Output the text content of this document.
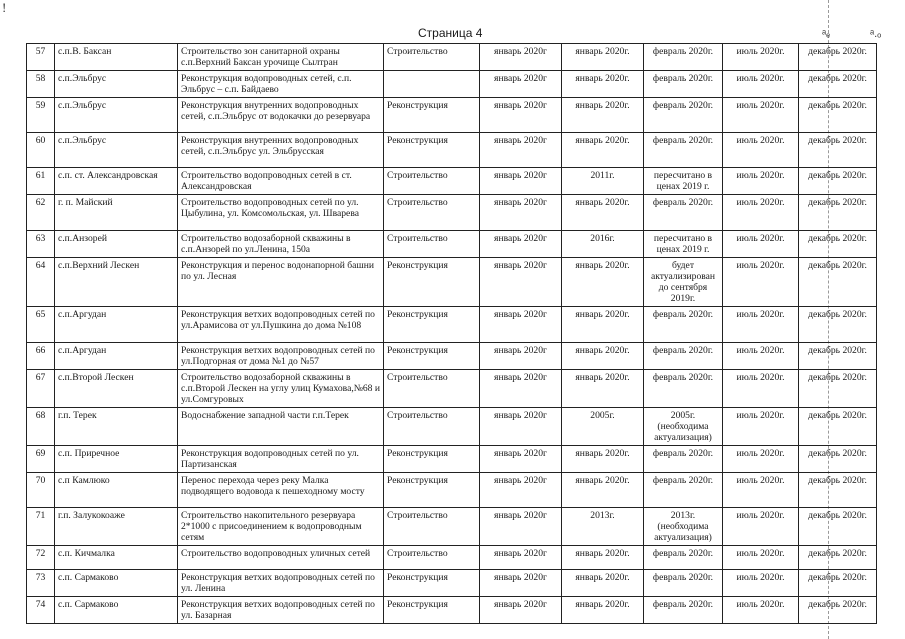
!
Страница 4	ᵃₑ	ᵃ.ₒ
57	с.п.В. Баксан	Строительство зон санитарной охраны с.п.Верхний Баксан урочище Сылтран	Строительство	январь 2020г	январь 2020г.	февраль 2020г.	июль 2020г.	декабрь 2020г.
58	с.п.Эльбрус	Реконструкция водопроводных сетей, с.п. Эльбрус – с.п. Байдаево		январь 2020г	январь 2020г.	февраль 2020г.	июль 2020г.	декабрь 2020г.
59	с.п.Эльбрус	Реконструкция внутренних водопроводных сетей, с.п.Эльбрус от водокачки до резервуара	Реконструкция	январь 2020г	январь 2020г.	февраль 2020г.	июль 2020г.	декабрь 2020г.
60	с.п.Эльбрус	Реконструкция внутренних водопроводных сетей, с.п.Эльбрус ул. Эльбрусская	Реконструкция	январь 2020г	январь 2020г.	февраль 2020г.	июль 2020г.	декабрь 2020г.
61	с.п. ст. Александровская	Строительство водопроводных сетей в ст. Александровская	Строительство	январь 2020г	2011г.	пересчитано в ценах 2019 г.	июль 2020г.	декабрь 2020г.
62	г. п. Майский	Строительство водопроводных сетей по ул. Цыбулина, ул. Комсомольская, ул. Шварева	Строительство	январь 2020г	январь 2020г.	февраль 2020г.	июль 2020г.	декабрь 2020г.
63	с.п.Анзорей	Строительство водозаборной скважины в с.п.Анзорей по ул.Ленина, 150а	Строительство	январь 2020г	2016г.	пересчитано в ценах 2019 г.	июль 2020г.	декабрь 2020г.
64	с.п.Верхний Лескен	Реконструкция и перенос водонапорной башни по ул. Лесная	Реконструкция	январь 2020г	январь 2020г.	будет актуализирован до сентября 2019г.	июль 2020г.	декабрь 2020г.
65	с.п.Аргудан	Реконструкция ветхих водопроводных сетей по ул.Арамисова от ул.Пушкина до дома №108	Реконструкция	январь 2020г	январь 2020г.	февраль 2020г.	июль 2020г.	декабрь 2020г.
66	с.п.Аргудан	Реконструкция ветхих водопроводных сетей по ул.Подгорная от дома №1 до №57	Реконструкция	январь 2020г	январь 2020г.	февраль 2020г.	июль 2020г.	декабрь 2020г.
67	с.п.Второй Лескен	Строительство водозаборной скважины в с.п.Второй Лескен на углу улиц Кумахова,№68 и ул.Сомгуровых	Строительство	январь 2020г	январь 2020г.	февраль 2020г.	июль 2020г.	декабрь 2020г.
68	г.п. Терек	Водоснабжение западной части г.п.Терек	Строительство	январь 2020г	2005г.	2005г.(необходима актуализация)	июль 2020г.	декабрь 2020г.
69	с.п. Приречное	Реконструкция водопроводных сетей по ул. Партизанская	Реконструкция	январь 2020г	январь 2020г.	февраль 2020г.	июль 2020г.	декабрь 2020г.
70	с.п Камлюко	Перенос перехода через реку Малка подводящего водовода к пешеходному мосту	Реконструкция	январь 2020г	январь 2020г.	февраль 2020г.	июль 2020г.	декабрь 2020г.
71	г.п. Залукокоаже	Строительство накопительного резервуара 2*1000 с присоединением к водопроводным сетям	Строительство	январь 2020г	2013г.	2013г.(необходима актуализация)	июль 2020г.	декабрь 2020г.
72	с.п. Кичмалка	Строительство водопроводных уличных сетей	Строительство	январь 2020г	январь 2020г.	февраль 2020г.	июль 2020г.	декабрь 2020г.
73	с.п. Сармаково	Реконструкция ветхих водопроводных сетей по ул. Ленина	Реконструкция	январь 2020г	январь 2020г.	февраль 2020г.	июль 2020г.	декабрь 2020г.
74	с.п. Сармаково	Реконструкция ветхих водопроводных сетей по ул. Базарная	Реконструкция	январь 2020г	январь 2020г.	февраль 2020г.	июль 2020г.	декабрь 2020г.
